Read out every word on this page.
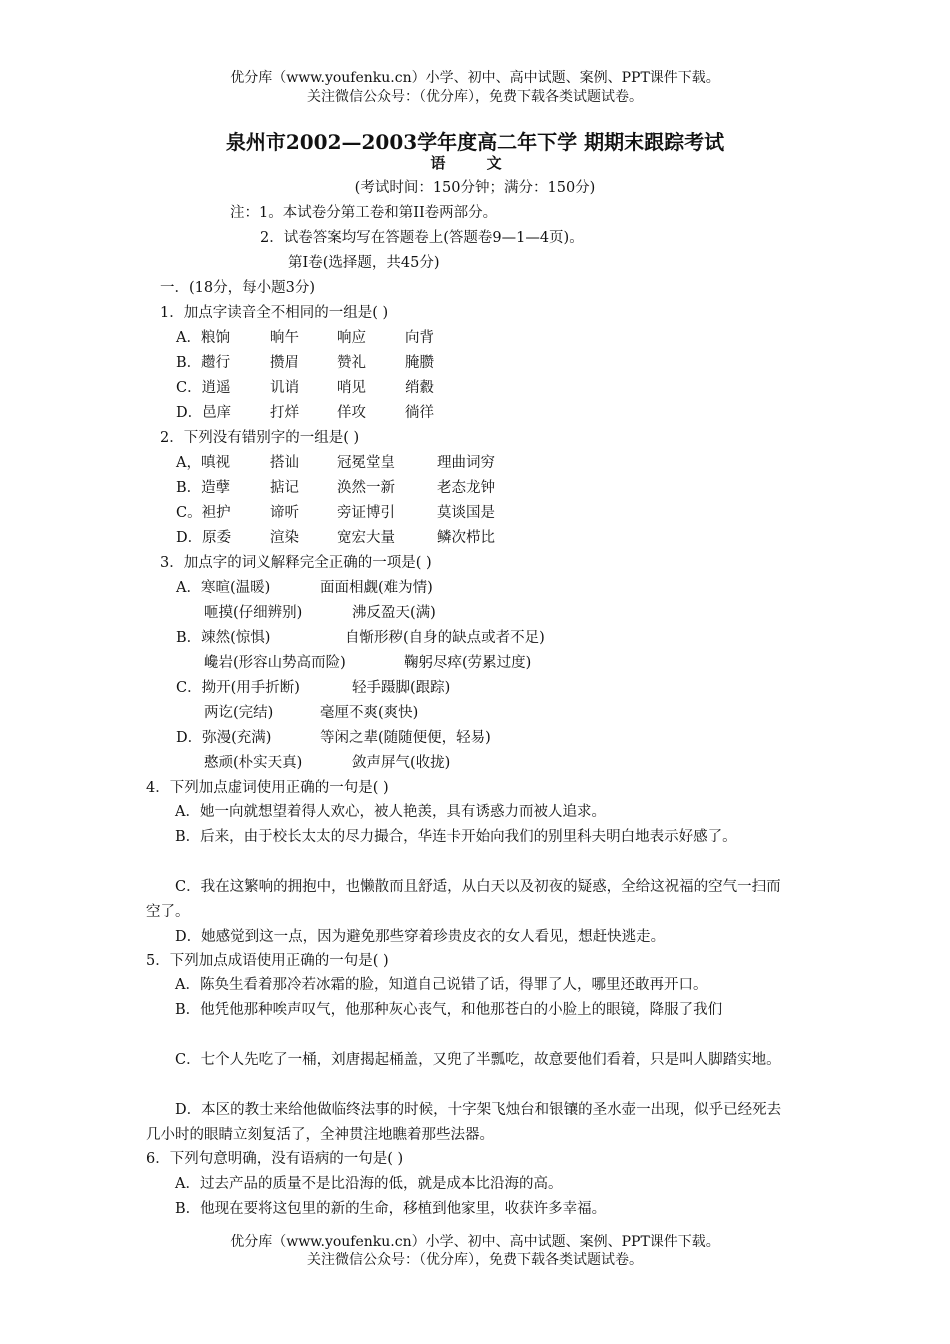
优分库（www.youfenku.cn）小学、初中、高中试题、案例、PPT课件下载。
关注微信公众号：（优分库），免费下载各类试题试卷。
泉州市2002—2003学年度高二年下学 期期末跟踪考试
语 文
(考试时间：150分钟；满分：150分)
注：1。本试卷分第工卷和第II卷两部分。
2．试卷答案均写在答题卷上(答题卷9—1—4页)。
第Ⅰ卷(选择题，共45分)
一．(18分，每小题3分)
1．加点字读音全不相同的一组是( )
A．粮饷	晌午	响应	向背
B．趱行	攒眉	赞礼	腌臜
C．逍遥	讥诮	哨见	绡縠
D．邑庠	打烊	佯攻	徜徉
2．下列没有错别字的一组是( )
A，嗔视	搭讪	冠冕堂皇	理曲词穷
B．造孽	掂记	涣然一新	老态龙钟
C。袒护	谛听	旁证博引	莫谈国是
D．原委	渲染	宽宏大量	鳞次栉比
3．加点字的词义解释完全正确的一项是( )
A．寒暄(温暖)	面面相觑(难为情)
咂摸(仔细辨别)	沸反盈天(满)
B．竦然(惊惧)	自惭形秽(自身的缺点或者不足)
巉岩(形容山势高而险)	鞠躬尽瘁(劳累过度)
C．拗开(用手折断)	轻手蹑脚(跟踪)
两讫(完结)	毫厘不爽(爽快)
D．弥漫(充满)	等闲之辈(随随便便，轻易)
憨顽(朴实天真)	敛声屏气(收拢)
4．下列加点虚词使用正确的一句是( )
A．她一向就想望着得人欢心，被人艳羡，具有诱惑力而被人追求。
B．后来，由于校长太太的尽力撮合，华连卡开始向我们的别里科夫明白地表示好感了。
C．我在这繁响的拥抱中，也懒散而且舒适，从白天以及初夜的疑惑，全给这祝福的空气一扫而空了。
D．她感觉到这一点，因为避免那些穿着珍贵皮衣的女人看见，想赶快逃走。
5．下列加点成语使用正确的一句是( )
A．陈奂生看着那冷若冰霜的脸，知道自己说错了话，得罪了人，哪里还敢再开口。
B．他凭他那种唉声叹气，他那种灰心丧气，和他那苍白的小脸上的眼镜，降服了我们
C．七个人先吃了一桶，刘唐揭起桶盖，又兜了半瓢吃，故意要他们看着，只是叫人脚踏实地。
D．本区的教士来给他做临终法事的时候，十字架飞烛台和银镶的圣水壶一出现，似乎已经死去几小时的眼睛立刻复活了，全神贯注地瞧着那些法器。
6．下列句意明确，没有语病的一句是( )
A．过去产品的质量不是比沿海的低，就是成本比沿海的高。
B．他现在要将这包里的新的生命，移植到他家里，收获许多幸福。
优分库（www.youfenku.cn）小学、初中、高中试题、案例、PPT课件下载。
关注微信公众号：（优分库），免费下载各类试题试卷。
